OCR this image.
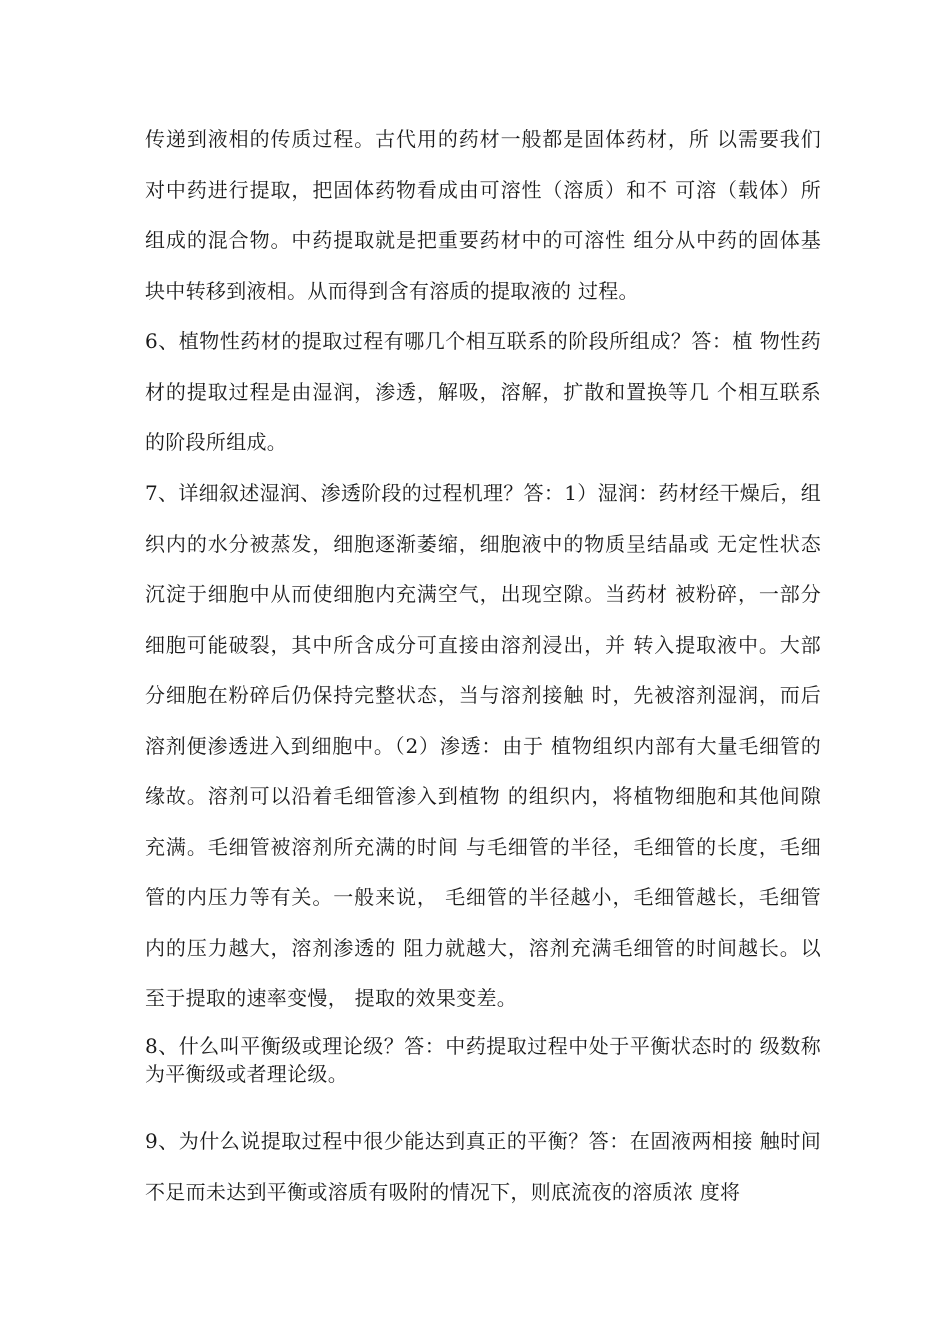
传递到液相的传质过程。古代用的药材一般都是固体药材，所 以需要我们对中药进行提取，把固体药物看成由可溶性（溶质）和不 可溶（载体）所组成的混合物。中药提取就是把重要药材中的可溶性 组分从中药的固体基块中转移到液相。从而得到含有溶质的提取液的 过程。

6、植物性药材的提取过程有哪几个相互联系的阶段所组成？答：植 物性药材的提取过程是由湿润，渗透，解吸，溶解，扩散和置换等几 个相互联系的阶段所组成。

7、详细叙述湿润、渗透阶段的过程机理？答：1）湿润：药材经干燥后，组织内的水分被蒸发，细胞逐渐萎缩，细胞液中的物质呈结晶或 无定性状态沉淀于细胞中从而使细胞内充满空气，出现空隙。当药材 被粉碎，一部分细胞可能破裂，其中所含成分可直接由溶剂浸出，并 转入提取液中。大部分细胞在粉碎后仍保持完整状态，当与溶剂接触 时，先被溶剂湿润，而后溶剂便渗透进入到细胞中。（2）渗透：由于 植物组织内部有大量毛细管的缘故。溶剂可以沿着毛细管渗入到植物 的组织内，将植物细胞和其他间隙充满。毛细管被溶剂所充满的时间 与毛细管的半径，毛细管的长度，毛细管的内压力等有关。一般来说， 毛细管的半径越小，毛细管越长，毛细管内的压力越大，溶剂渗透的 阻力就越大，溶剂充满毛细管的时间越长。以至于提取的速率变慢， 提取的效果变差。

8、什么叫平衡级或理论级？答：中药提取过程中处于平衡状态时的 级数称为平衡级或者理论级。

9、为什么说提取过程中很少能达到真正的平衡？答：在固液两相接 触时间不足而未达到平衡或溶质有吸附的情况下，则底流夜的溶质浓 度将
